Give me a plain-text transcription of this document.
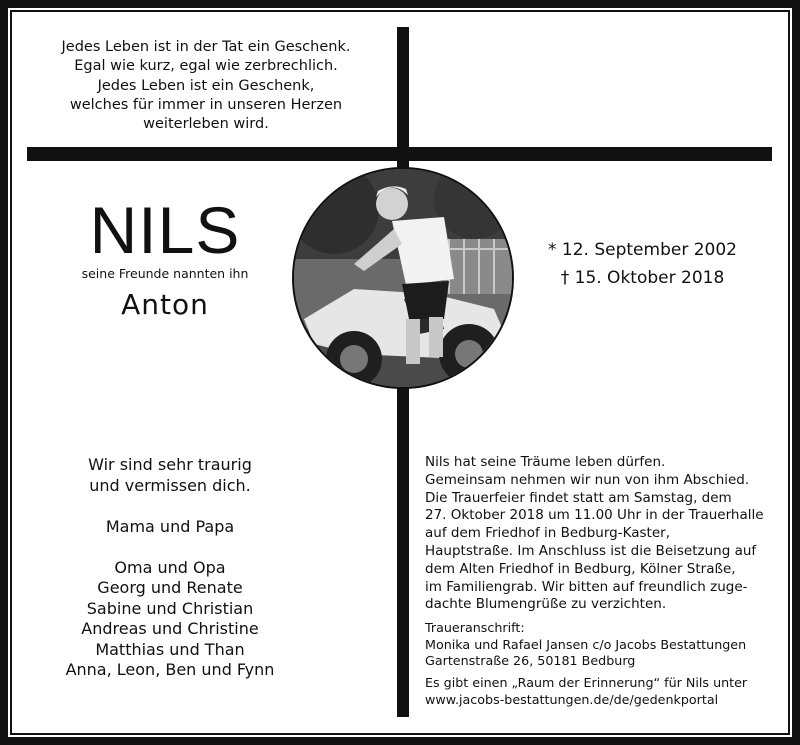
Jedes Leben ist in der Tat ein Geschenk.
Egal wie kurz, egal wie zerbrechlich.
Jedes Leben ist ein Geschenk,
welches für immer in unseren Herzen
weiterleben wird.
NILS
seine Freunde nannten ihn
Anton
* 12. September 2002
† 15. Oktober 2018
Wir sind sehr traurig
und vermissen dich.
Mama und Papa
Oma und Opa
Georg und Renate
Sabine und Christian
Andreas und Christine
Matthias und Than
Anna, Leon, Ben und Fynn
Nils hat seine Träume leben dürfen.
Gemeinsam nehmen wir nun von ihm Abschied.
Die Trauerfeier findet statt am Samstag, dem
27. Oktober 2018 um 11.00 Uhr in der Trauerhalle
auf dem Friedhof in Bedburg-Kaster,
Hauptstraße. Im Anschluss ist die Beisetzung auf
dem Alten Friedhof in Bedburg, Kölner Straße,
im Familiengrab. Wir bitten auf freundlich zuge-
dachte Blumengrüße zu verzichten.
Traueranschrift:
Monika und Rafael Jansen c/o Jacobs Bestattungen
Gartenstraße 26, 50181 Bedburg
Es gibt einen „Raum der Erinnerung“ für Nils unter
www.jacobs-bestattungen.de/de/gedenkportal
